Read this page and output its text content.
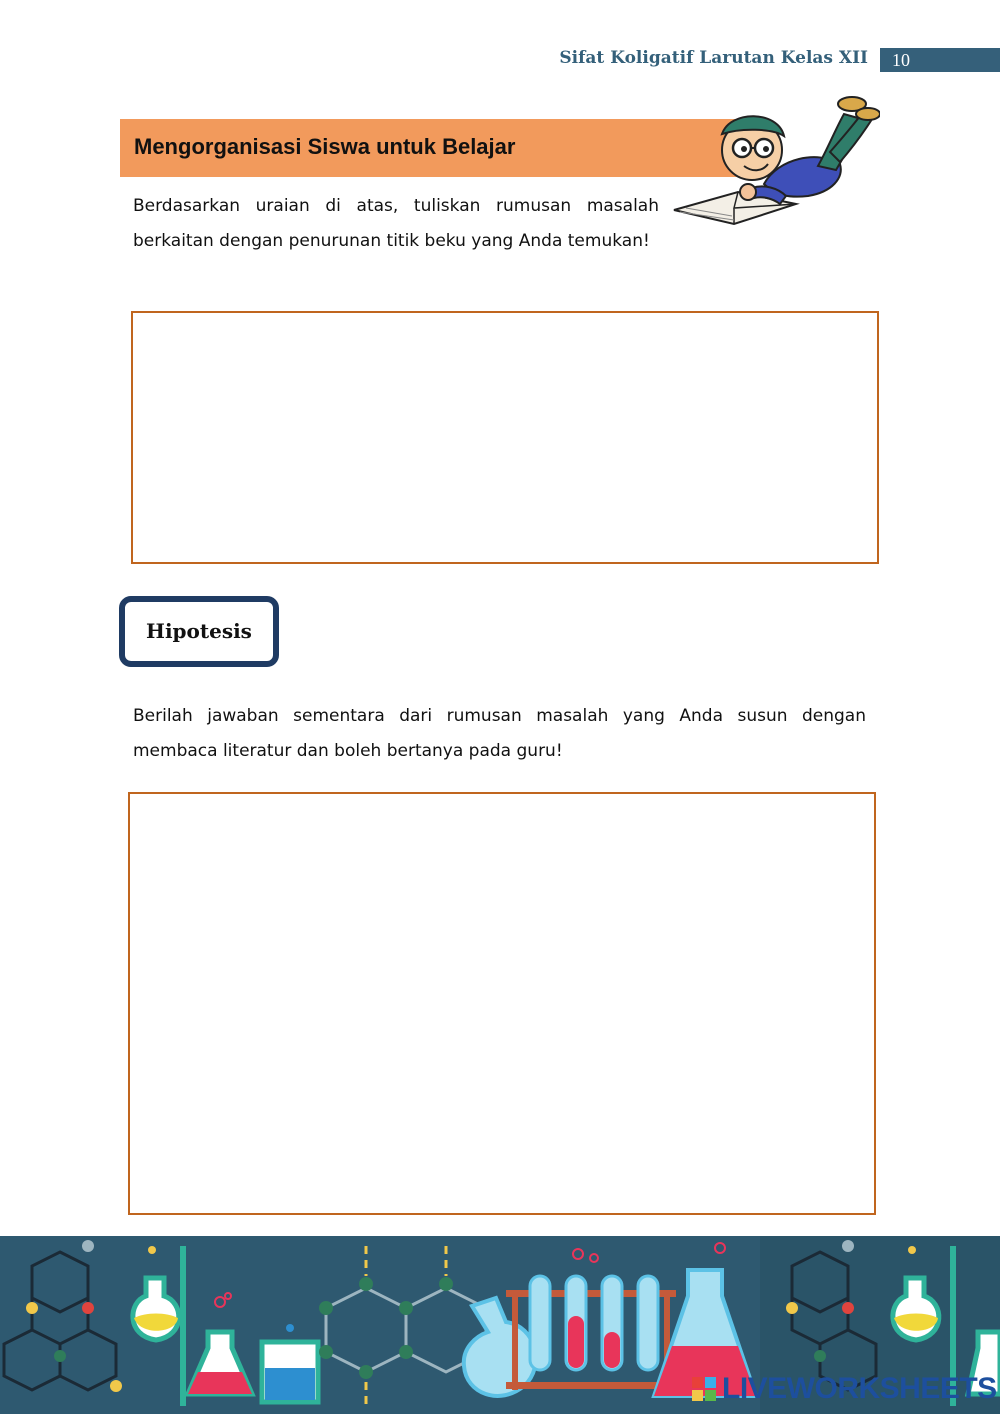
Sifat Koligatif Larutan Kelas XII	10
Mengorganisasi Siswa untuk Belajar

Berdasarkan uraian di atas, tuliskan rumusan masalah berkaitan dengan penurunan titik beku yang Anda temukan!

Hipotesis

Berilah jawaban sementara dari rumusan masalah yang Anda susun dengan membaca literatur dan boleh bertanya pada guru!

LIVEWORKSHEETS
